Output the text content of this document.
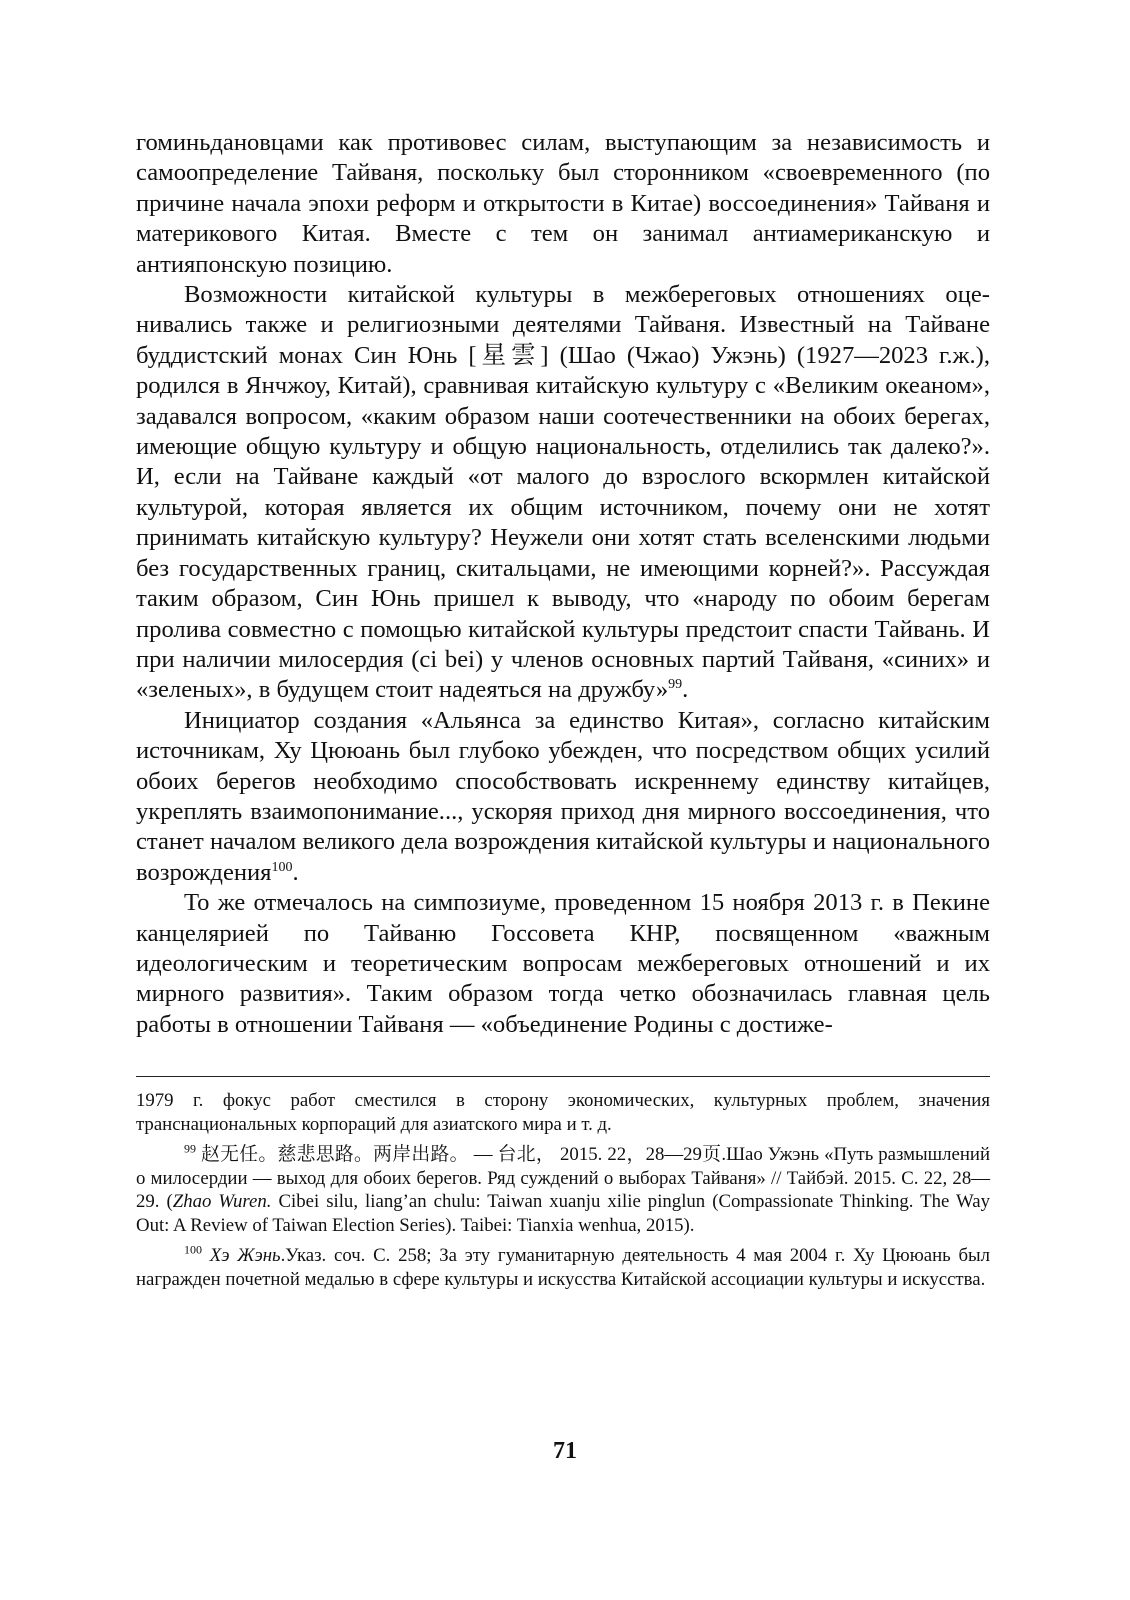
гоминьдановцами как противовес силам, выступающим за независимость и самоопределение Тайваня, поскольку был сторонником «своевременного (по причине начала эпохи реформ и открытости в Китае) воссоединения» Тайваня и материкового Китая. Вместе с тем он занимал антиамериканскую и антияпонскую позицию.

Возможности китайской культуры в межбереговых отношениях оценивались также и религиозными деятелями Тайваня. Известный на Тайване буддистский монах Син Юнь [星雲] (Шао (Чжао) Ужэнь) (1927—2023 г.ж.), родился в Янчжоу, Китай), сравнивая китайскую культуру с «Великим океаном», задавался вопросом, «каким образом наши соотечественники на обоих берегах, имеющие общую культуру и общую национальность, отделились так далеко?». И, если на Тайване каждый «от малого до взрослого вскормлен китайской культурой, которая является их общим источником, почему они не хотят принимать китайскую культуру? Неужели они хотят стать вселенскими людьми без государственных границ, скитальцами, не имеющими корней?». Рассуждая таким образом, Син Юнь пришел к выводу, что «народу по обоим берегам пролива совместно с помощью китайской культуры предстоит спасти Тайвань. И при наличии милосердия (ci bei) у членов основных партий Тайваня, «синих» и «зеленых», в будущем стоит надеяться на дружбу»$^{99}$.

Инициатор создания «Альянса за единство Китая», согласно китайским источникам, Ху Цююань был глубоко убежден, что посредством общих усилий обоих берегов необходимо способствовать искреннему единству китайцев, укреплять взаимопонимание..., ускоряя приход дня мирного воссоединения, что станет началом великого дела возрождения китайской культуры и национального возрождения$^{100}$.

То же отмечалось на симпозиуме, проведенном 15 ноября 2013 г. в Пекине канцелярией по Тайваню Госсовета КНР, посвященном «важным идеологическим и теоретическим вопросам межбереговых отношений и их мирного развития». Таким образом тогда четко обозначилась главная цель работы в отношении Тайваня — «объединение Родины с достиже-

1979 г. фокус работ сместился в сторону экономических, культурных проблем, значения транснациональных корпораций для азиатского мира и т. д.

$^{99}$ 赵无任。慈悲思路。两岸出路。 — 台北， 2015. 22，28—29页.Шао Ужэнь «Путь размышлений о милосердии — выход для обоих берегов. Ряд суждений о выборах Тайваня» // Тайбэй. 2015. С. 22, 28—29. (Zhao Wuren. Cibei silu, liang’an chulu: Taiwan xuanju xilie pinglun (Compassionate Thinking. The Way Out: A Review of Taiwan Election Series). Taibei: Tianxia wenhua, 2015).

$^{100}$ Хэ Жэнь.Указ. соч. С. 258; За эту гуманитарную деятельность 4 мая 2004 г. Ху Цююань был награжден почетной медалью в сфере культуры и искусства Китайской ассоциации культуры и искусства.

71
